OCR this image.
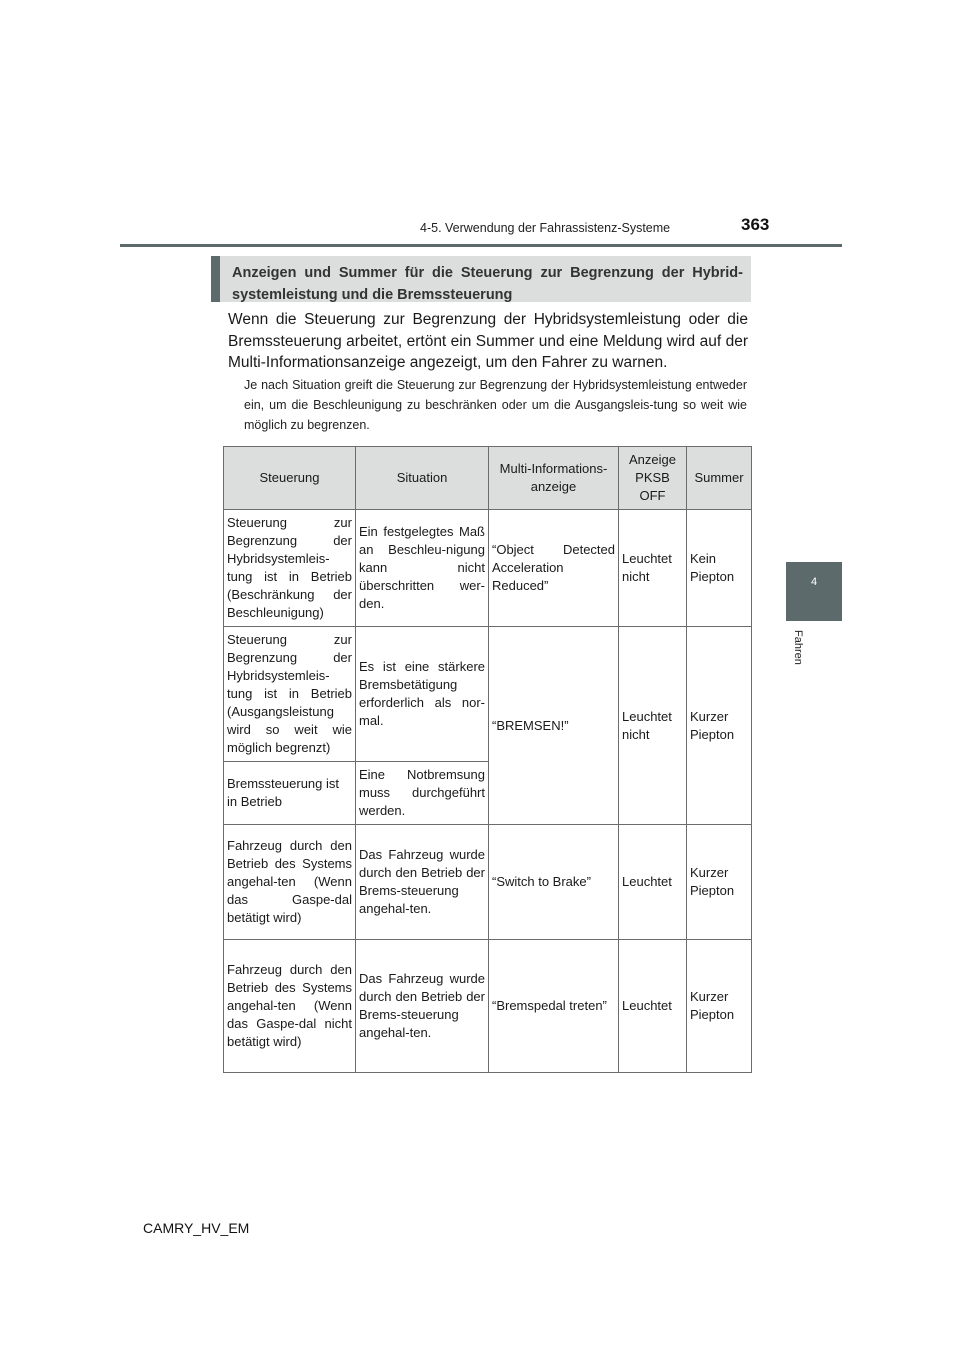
4-5. Verwendung der Fahrassistenz-Systeme	363
4
Fahren
Anzeigen und Summer für die Steuerung zur Begrenzung der Hybrid-systemleistung und die Bremssteuerung
Wenn die Steuerung zur Begrenzung der Hybridsystemleistung oder die Bremssteuerung arbeitet, ertönt ein Summer und eine Meldung wird auf der Multi-Informationsanzeige angezeigt, um den Fahrer zu warnen.
Je nach Situation greift die Steuerung zur Begrenzung der Hybridsystemleistung entweder ein, um die Beschleunigung zu beschränken oder um die Ausgangsleis-tung so weit wie möglich zu begrenzen.
Steuerung	Situation	Multi-Informations-anzeige	Anzeige PKSB OFF	Summer
Steuerung zur Begrenzung der Hybridsystemleis-tung ist in Betrieb (Beschränkung der Beschleunigung)	Ein festgelegtes Maß an Beschleu-nigung kann nicht überschritten wer-den.	“Object Detected Acceleration Reduced”	Leuchtet nicht	Kein Piepton
Steuerung zur Begrenzung der Hybridsystemleis-tung ist in Betrieb (Ausgangsleistung wird so weit wie möglich begrenzt)	Es ist eine stärkere Bremsbetätigung erforderlich als nor-mal.	“BREMSEN!”	Leuchtet nicht	Kurzer Piepton
Bremssteuerung ist in Betrieb	Eine Notbremsung muss durchgeführt werden.			
Fahrzeug durch den Betrieb des Systems angehal-ten (Wenn das Gaspe-dal betätigt wird)	Das Fahrzeug wurde durch den Betrieb der Brems-steuerung angehal-ten.	“Switch to Brake”	Leuchtet	Kurzer Piepton
Fahrzeug durch den Betrieb des Systems angehal-ten (Wenn das Gaspe-dal nicht betätigt wird)	Das Fahrzeug wurde durch den Betrieb der Brems-steuerung angehal-ten.	“Bremspedal treten”	Leuchtet	Kurzer Piepton
CAMRY_HV_EM
